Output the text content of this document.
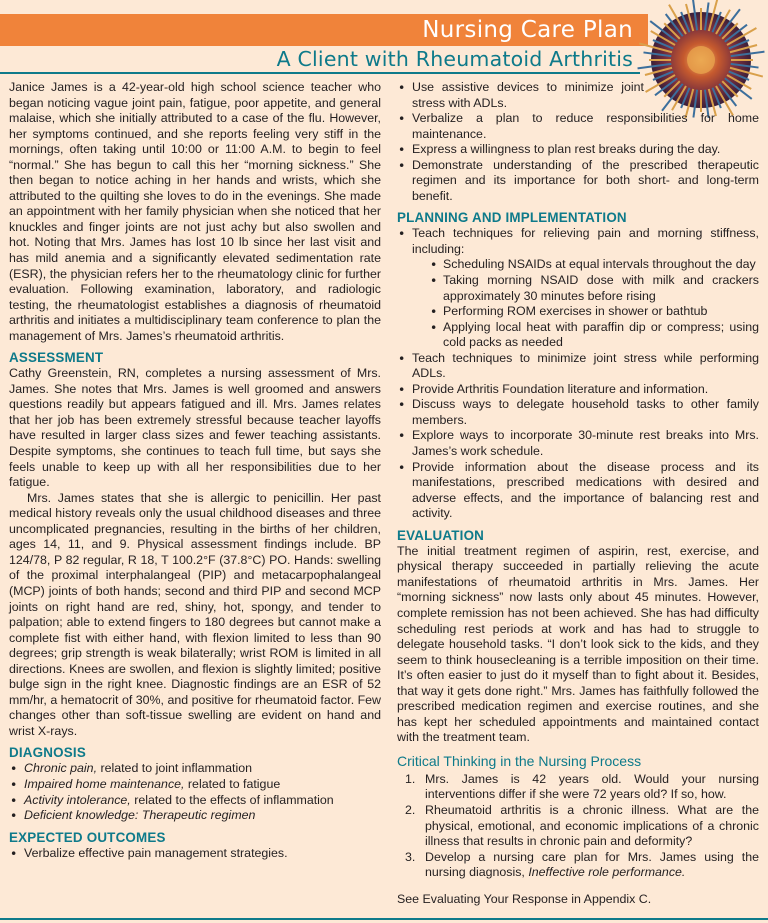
Nursing Care Plan
A Client with Rheumatoid Arthritis

Janice James is a 42-year-old high school science teacher who began noticing vague joint pain, fatigue, poor appetite, and general malaise, which she initially attributed to a case of the flu. However, her symptoms continued, and she reports feeling very stiff in the mornings, often taking until 10:00 or 11:00 A.M. to begin to feel “normal.” She has begun to call this her “morning sickness.” She then began to notice aching in her hands and wrists, which she attributed to the quilting she loves to do in the evenings. She made an appointment with her family physician when she noticed that her knuckles and finger joints are not just achy but also swollen and hot. Noting that Mrs. James has lost 10 lb since her last visit and has mild anemia and a significantly elevated sedimentation rate (ESR), the physician refers her to the rheumatology clinic for further evaluation. Following examination, laboratory, and radiologic testing, the rheumatologist establishes a diagnosis of rheumatoid arthritis and initiates a multidisciplinary team conference to plan the management of Mrs. James’s rheumatoid arthritis.

ASSESSMENT

Cathy Greenstein, RN, completes a nursing assessment of Mrs. James. She notes that Mrs. James is well groomed and answers questions readily but appears fatigued and ill. Mrs. James relates that her job has been extremely stressful because teacher layoffs have resulted in larger class sizes and fewer teaching assistants. Despite symptoms, she continues to teach full time, but says she feels unable to keep up with all her responsibilities due to her fatigue.

Mrs. James states that she is allergic to penicillin. Her past medical history reveals only the usual childhood diseases and three uncomplicated pregnancies, resulting in the births of her children, ages 14, 11, and 9. Physical assessment findings include. BP 124/78, P 82 regular, R 18, T 100.2°F (37.8°C) PO. Hands: swelling of the proximal interphalangeal (PIP) and metacarpophalangeal (MCP) joints of both hands; second and third PIP and second MCP joints on right hand are red, shiny, hot, spongy, and tender to palpation; able to extend fingers to 180 degrees but cannot make a complete fist with either hand, with flexion limited to less than 90 degrees; grip strength is weak bilaterally; wrist ROM is limited in all directions. Knees are swollen, and flexion is slightly limited; positive bulge sign in the right knee. Diagnostic findings are an ESR of 52 mm/hr, a hematocrit of 30%, and positive for rheumatoid factor. Few changes other than soft-tissue swelling are evident on hand and wrist X-rays.

DIAGNOSIS
• Chronic pain, related to joint inflammation
• Impaired home maintenance, related to fatigue
• Activity intolerance, related to the effects of inflammation
• Deficient knowledge: Therapeutic regimen
EXPECTED OUTCOMES
• Verbalize effective pain management strategies.
• Use assistive devices to minimize joint stress with ADLs.
• Verbalize a plan to reduce responsibilities for home maintenance.
• Express a willingness to plan rest breaks during the day.
• Demonstrate understanding of the prescribed therapeutic regimen and its importance for both short- and long-term benefit.
PLANNING AND IMPLEMENTATION
• Teach techniques for relieving pain and morning stiffness, including:
• Scheduling NSAIDs at equal intervals throughout the day
• Taking morning NSAID dose with milk and crackers approximately 30 minutes before rising
• Performing ROM exercises in shower or bathtub
• Applying local heat with paraffin dip or compress; using cold packs as needed
• Teach techniques to minimize joint stress while performing ADLs.
• Provide Arthritis Foundation literature and information.
• Discuss ways to delegate household tasks to other family members.
• Explore ways to incorporate 30-minute rest breaks into Mrs. James’s work schedule.
• Provide information about the disease process and its manifestations, prescribed medications with desired and adverse effects, and the importance of balancing rest and activity.
EVALUATION

The initial treatment regimen of aspirin, rest, exercise, and physical therapy succeeded in partially relieving the acute manifestations of rheumatoid arthritis in Mrs. James. Her “morning sickness” now lasts only about 45 minutes. However, complete remission has not been achieved. She has had difficulty scheduling rest periods at work and has had to struggle to delegate household tasks. “I don’t look sick to the kids, and they seem to think housecleaning is a terrible imposition on their time. It’s often easier to just do it myself than to fight about it. Besides, that way it gets done right.” Mrs. James has faithfully followed the prescribed medication regimen and exercise routines, and she has kept her scheduled appointments and maintained contact with the treatment team.

Critical Thinking in the Nursing Process
1. Mrs. James is 42 years old. Would your nursing interventions differ if she were 72 years old? If so, how.
2. Rheumatoid arthritis is a chronic illness. What are the physical, emotional, and economic implications of a chronic illness that results in chronic pain and deformity?
3. Develop a nursing care plan for Mrs. James using the nursing diagnosis, Ineffective role performance.

See Evaluating Your Response in Appendix C.
